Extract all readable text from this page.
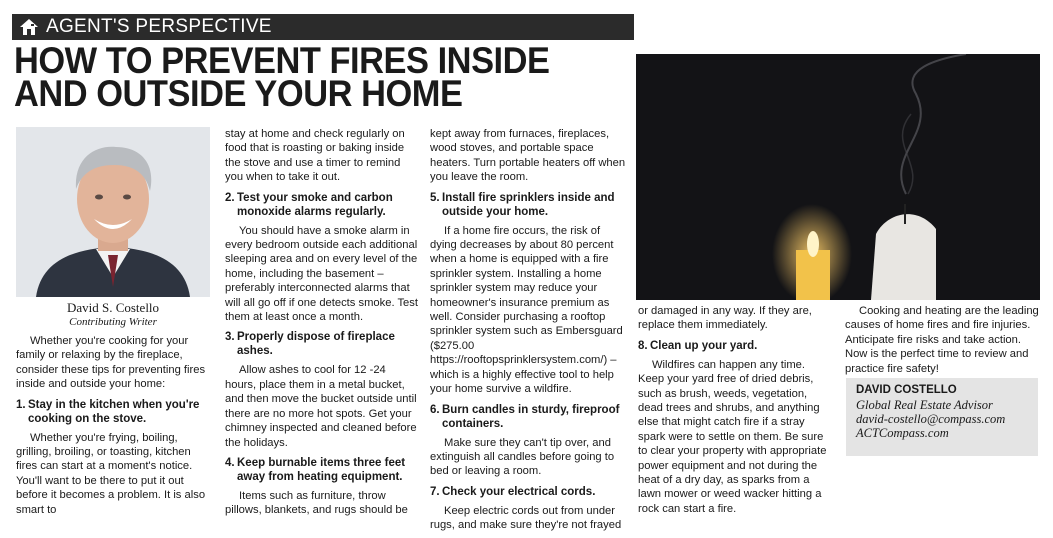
AGENT'S PERSPECTIVE
HOW TO PREVENT FIRES INSIDE
AND OUTSIDE YOUR HOME
David S. Costello
Contributing Writer

Whether you're cooking for your family or relaxing by the fireplace, consider these tips for preventing fires inside and outside your home:

1. Stay in the kitchen when you're cooking on the stove.

Whether you're frying, boiling, grilling, broiling, or toasting, kitchen fires can start at a moment's notice. You'll want to be there to put it out before it becomes a problem. It is also smart to

stay at home and check regularly on food that is roasting or baking inside the stove and use a timer to remind you when to take it out.

2. Test your smoke and carbon monoxide alarms regularly.

You should have a smoke alarm in every bedroom outside each additional sleeping area and on every level of the home, including the basement – preferably interconnected alarms that will all go off if one detects smoke. Test them at least once a month.

3. Properly dispose of fireplace ashes.

Allow ashes to cool for 12 -24 hours, place them in a metal bucket, and then move the bucket outside until there are no more hot spots. Get your chimney inspected and cleaned before the holidays.

4. Keep burnable items three feet away from heating equipment.

Items such as furniture, throw pillows, blankets, and rugs should be

kept away from furnaces, fireplaces, wood stoves, and portable space heaters. Turn portable heaters off when you leave the room.

5. Install fire sprinklers inside and outside your home.

If a home fire occurs, the risk of dying decreases by about 80 percent when a home is equipped with a fire sprinkler system. Installing a home sprinkler system may reduce your homeowner's insurance premium as well. Consider purchasing a rooftop sprinkler system such as Embersguard ($275.00 https://rooftopsprinklersystem.com/) – which is a highly effective tool to help your home survive a wildfire.

6. Burn candles in sturdy, fireproof containers.

Make sure they can't tip over, and extinguish all candles before going to bed or leaving a room.

7. Check your electrical cords.

Keep electric cords out from under rugs, and make sure they're not frayed

or damaged in any way. If they are, replace them immediately.

8. Clean up your yard.

Wildfires can happen any time. Keep your yard free of dried debris, such as brush, weeds, vegetation, dead trees and shrubs, and anything else that might catch fire if a stray spark were to settle on them. Be sure to clear your property with appropriate power equipment and not during the heat of a dry day, as sparks from a lawn mower or weed wacker hitting a rock can start a fire.

Cooking and heating are the leading causes of home fires and fire injuries. Anticipate fire risks and take action. Now is the perfect time to review and practice fire safety!

DAVID COSTELLO
Global Real Estate Advisor
david-costello@compass.com
ACTCompass.com
